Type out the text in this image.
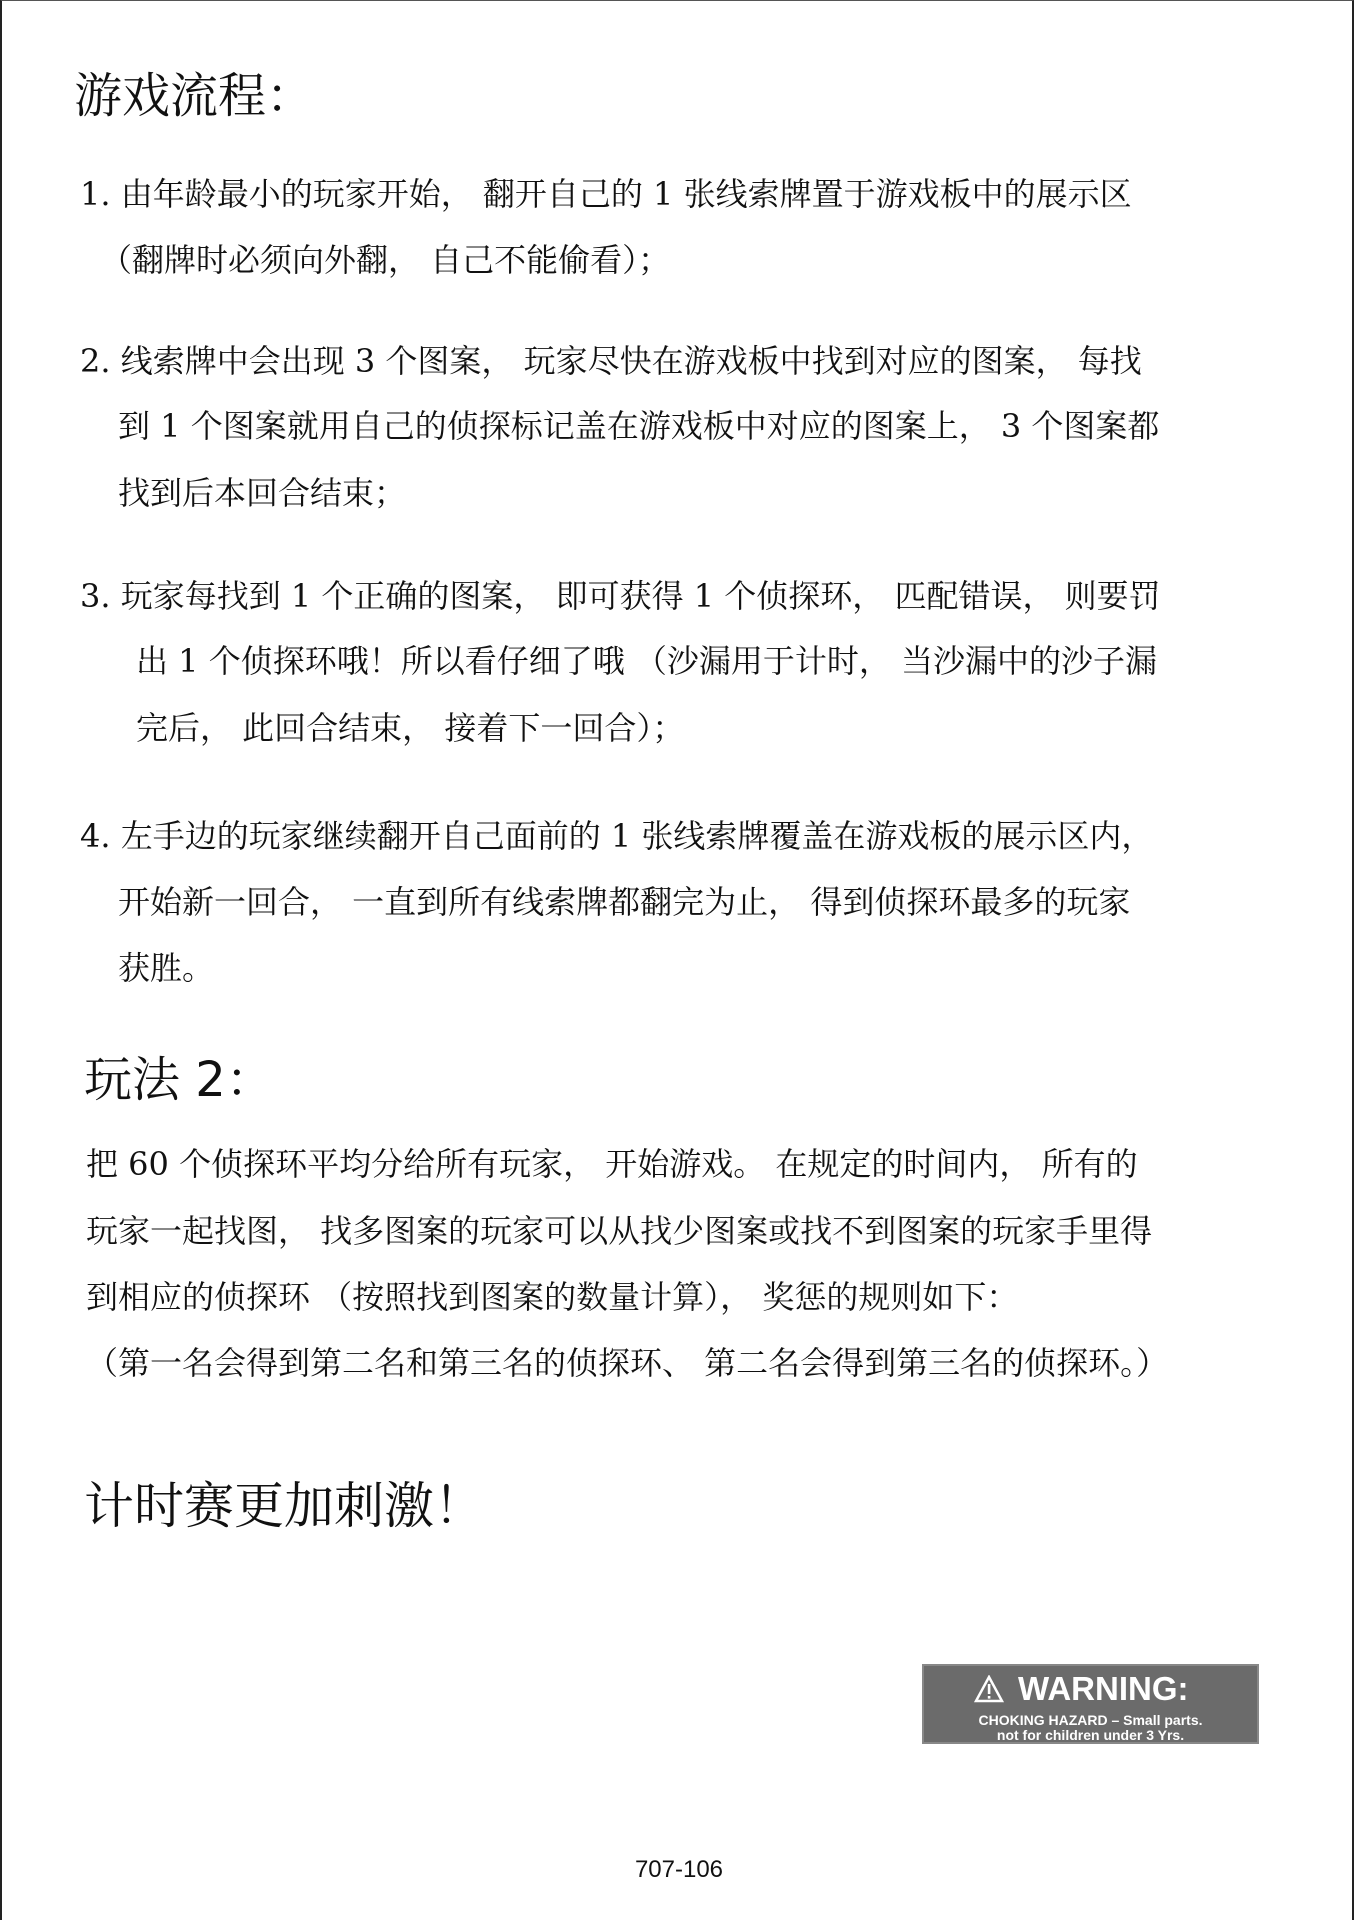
游戏流程：

1. 由年龄最小的玩家开始， 翻开自己的 1 张线索牌置于游戏板中的展示区

（翻牌时必须向外翻， 自己不能偷看）；

2. 线索牌中会出现 3 个图案， 玩家尽快在游戏板中找到对应的图案， 每找

到 1 个图案就用自己的侦探标记盖在游戏板中对应的图案上， 3 个图案都

找到后本回合结束；

3. 玩家每找到 1 个正确的图案， 即可获得 1 个侦探环， 匹配错误， 则要罚

出 1 个侦探环哦！所以看仔细了哦 （沙漏用于计时， 当沙漏中的沙子漏

完后， 此回合结束， 接着下一回合）；

4. 左手边的玩家继续翻开自己面前的 1 张线索牌覆盖在游戏板的展示区内，

开始新一回合， 一直到所有线索牌都翻完为止， 得到侦探环最多的玩家

获胜。

玩法 2：

把 60 个侦探环平均分给所有玩家， 开始游戏。 在规定的时间内， 所有的

玩家一起找图， 找多图案的玩家可以从找少图案或找不到图案的玩家手里得

到相应的侦探环 （按照找到图案的数量计算）， 奖惩的规则如下：

（第一名会得到第二名和第三名的侦探环、 第二名会得到第三名的侦探环。）

计时赛更加刺激！
WARNING:
CHOKING HAZARD – Small parts.
not for children under 3 Yrs.
707-106
